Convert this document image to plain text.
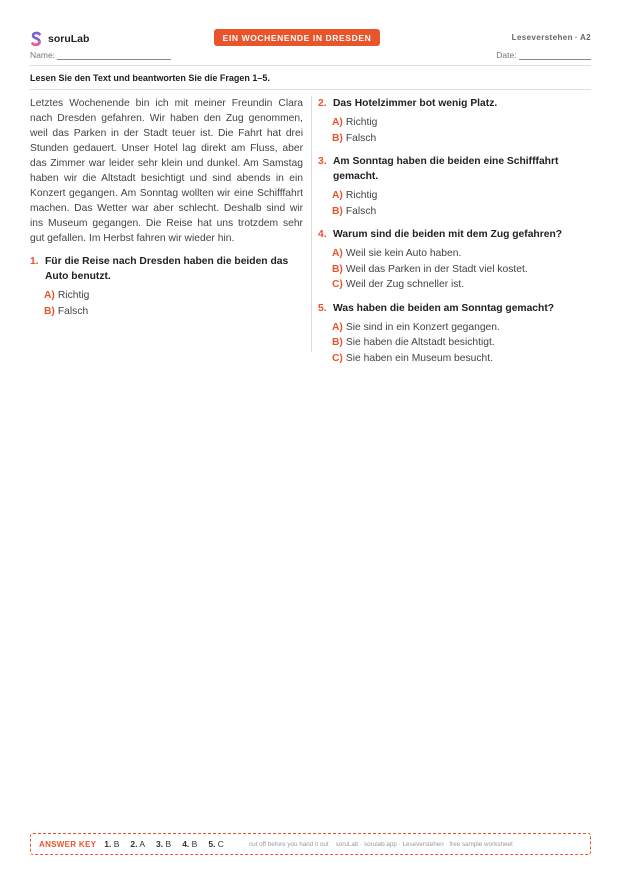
soruLab	EIN WOCHENENDE IN DRESDEN	Leseverstehen · A2
Name:	Date:
Lesen Sie den Text und beantworten Sie die Fragen 1–5.

Letztes Wochenende bin ich mit meiner Freundin Clara nach Dresden gefahren. Wir haben den Zug genommen, weil das Parken in der Stadt teuer ist. Die Fahrt hat drei Stunden gedauert. Unser Hotel lag direkt am Fluss, aber das Zimmer war leider sehr klein und dunkel. Am Samstag haben wir die Altstadt besichtigt und sind abends in ein Konzert gegangen. Am Sonntag wollten wir eine Schifffahrt machen. Das Wetter war aber schlecht. Deshalb sind wir ins Museum gegangen. Die Reise hat uns trotzdem sehr gut gefallen. Im Herbst fahren wir wieder hin.

1. Für die Reise nach Dresden haben die beiden das Auto benutzt.
A) Richtig
B) Falsch
2. Das Hotelzimmer bot wenig Platz.
A) Richtig
B) Falsch
3. Am Sonntag haben die beiden eine Schifffahrt gemacht.
A) Richtig
B) Falsch
4. Warum sind die beiden mit dem Zug gefahren?
A) Weil sie kein Auto haben.
B) Weil das Parken in der Stadt viel kostet.
C) Weil der Zug schneller ist.
5. Was haben die beiden am Sonntag gemacht?
A) Sie sind in ein Konzert gegangen.
B) Sie haben die Altstadt besichtigt.
C) Sie haben ein Museum besucht.
ANSWER KEY 1. B 2. A 3. B 4. B 5. C	cut off before you hand it out soruLab · sorulab.app · Leseverstehen · free sample worksheet
